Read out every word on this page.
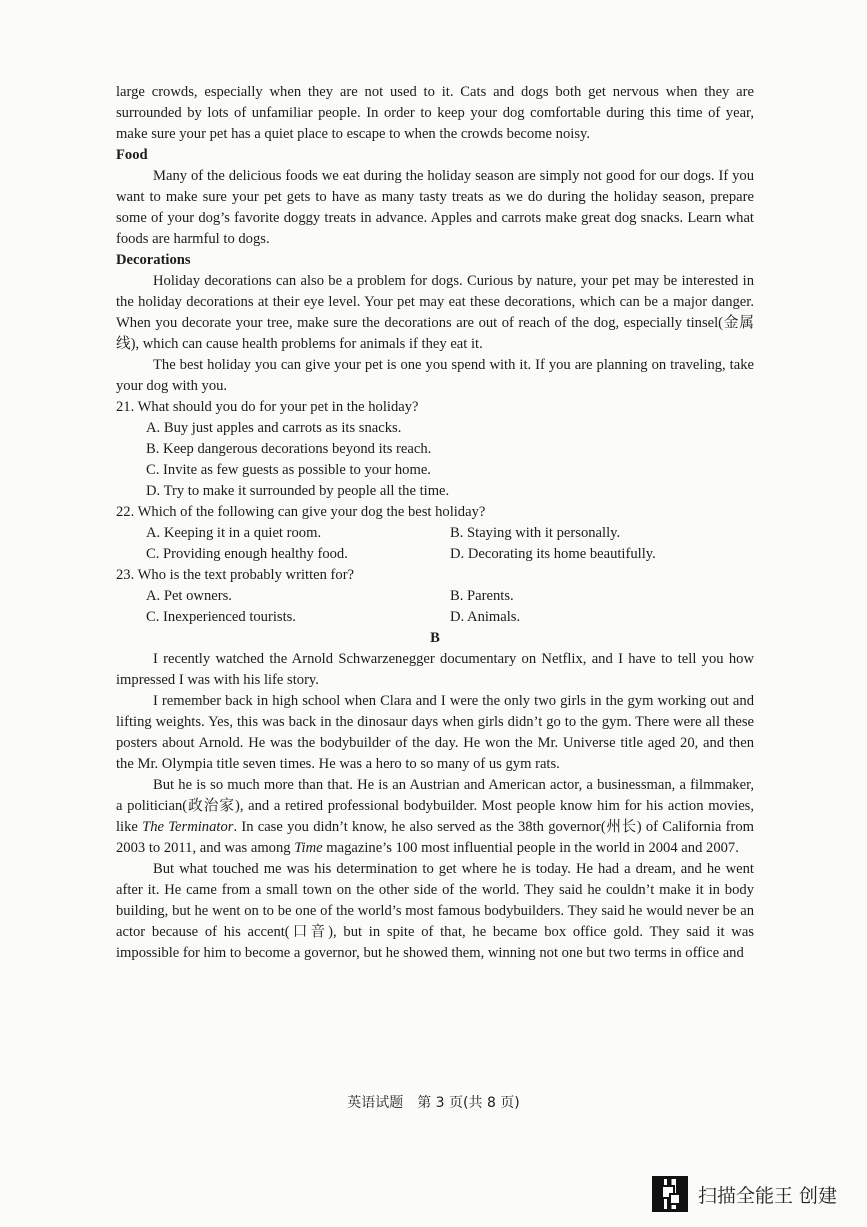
large crowds, especially when they are not used to it. Cats and dogs both get nervous when they are surrounded by lots of unfamiliar people. In order to keep your dog comfortable during this time of year, make sure your pet has a quiet place to escape to when the crowds become noisy.

Food

Many of the delicious foods we eat during the holiday season are simply not good for our dogs. If you want to make sure your pet gets to have as many tasty treats as we do during the holiday season, prepare some of your dog’s favorite doggy treats in advance. Apples and carrots make great dog snacks. Learn what foods are harmful to dogs.

Decorations

Holiday decorations can also be a problem for dogs. Curious by nature, your pet may be interested in the holiday decorations at their eye level. Your pet may eat these decorations, which can be a major danger. When you decorate your tree, make sure the decorations are out of reach of the dog, especially tinsel(金属线), which can cause health problems for animals if they eat it.

The best holiday you can give your pet is one you spend with it. If you are planning on traveling, take your dog with you.

21. What should you do for your pet in the holiday?

A. Buy just apples and carrots as its snacks.

B. Keep dangerous decorations beyond its reach.

C. Invite as few guests as possible to your home.

D. Try to make it surrounded by people all the time.

22. Which of the following can give your dog the best holiday?

A. Keeping it in a quiet room.	B. Staying with it personally.
C. Providing enough healthy food.	D. Decorating its home beautifully.

23. Who is the text probably written for?

A. Pet owners.	B. Parents.
C. Inexperienced tourists.	D. Animals.

B

I recently watched the Arnold Schwarzenegger documentary on Netflix, and I have to tell you how impressed I was with his life story.

I remember back in high school when Clara and I were the only two girls in the gym working out and lifting weights. Yes, this was back in the dinosaur days when girls didn’t go to the gym. There were all these posters about Arnold. He was the bodybuilder of the day. He won the Mr. Universe title aged 20, and then the Mr. Olympia title seven times. He was a hero to so many of us gym rats.

But he is so much more than that. He is an Austrian and American actor, a businessman, a filmmaker, a politician(政治家), and a retired professional bodybuilder. Most people know him for his action movies, like The Terminator. In case you didn’t know, he also served as the 38th governor(州长) of California from 2003 to 2011, and was among Time magazine’s 100 most influential people in the world in 2004 and 2007.

But what touched me was his determination to get where he is today. He had a dream, and he went after it. He came from a small town on the other side of the world. They said he couldn’t make it in body building, but he went on to be one of the world’s most famous bodybuilders. They said he would never be an actor because of his accent(口音), but in spite of that, he became box office gold. They said it was impossible for him to become a governor, but he showed them, winning not one but two terms in office and

英语试题　第 3 页(共 8 页)
扫描全能王 创建
